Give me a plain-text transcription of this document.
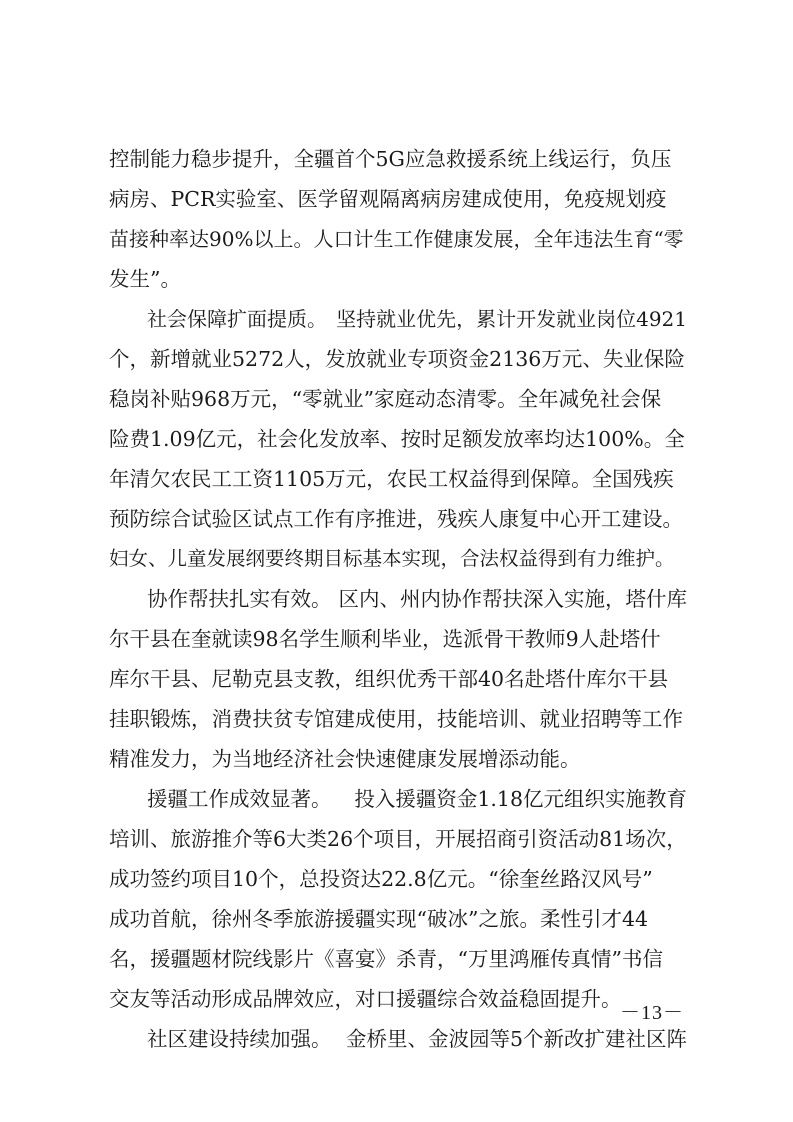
控制能力稳步提升，全疆首个5G应急救援系统上线运行，负压
病房、PCR实验室、医学留观隔离病房建成使用，免疫规划疫
苗接种率达90%以上。人口计生工作健康发展，全年违法生育“零
发生”。
社会保障扩面提质。 坚持就业优先，累计开发就业岗位4921
个，新增就业5272人，发放就业专项资金2136万元、失业保险
稳岗补贴968万元，“零就业”家庭动态清零。全年减免社会保
险费1.09亿元，社会化发放率、按时足额发放率均达100%。全
年清欠农民工工资1105万元，农民工权益得到保障。全国残疾
预防综合试验区试点工作有序推进，残疾人康复中心开工建设。
妇女、儿童发展纲要终期目标基本实现，合法权益得到有力维护。
协作帮扶扎实有效。 区内、州内协作帮扶深入实施，塔什库
尔干县在奎就读98名学生顺利毕业，选派骨干教师9人赴塔什
库尔干县、尼勒克县支教，组织优秀干部40名赴塔什库尔干县
挂职锻炼，消费扶贫专馆建成使用，技能培训、就业招聘等工作
精准发力，为当地经济社会快速健康发展增添动能。
援疆工作成效显著。 投入援疆资金1.18亿元组织实施教育
培训、旅游推介等6大类26个项目，开展招商引资活动81场次，
成功签约项目10个，总投资达22.8亿元。“徐奎丝路汉风号”
成功首航，徐州冬季旅游援疆实现“破冰”之旅。柔性引才44
名，援疆题材院线影片《喜宴》杀青，“万里鸿雁传真情”书信
交友等活动形成品牌效应，对口援疆综合效益稳固提升。
社区建设持续加强。 金桥里、金波园等5个新改扩建社区阵
－13－
